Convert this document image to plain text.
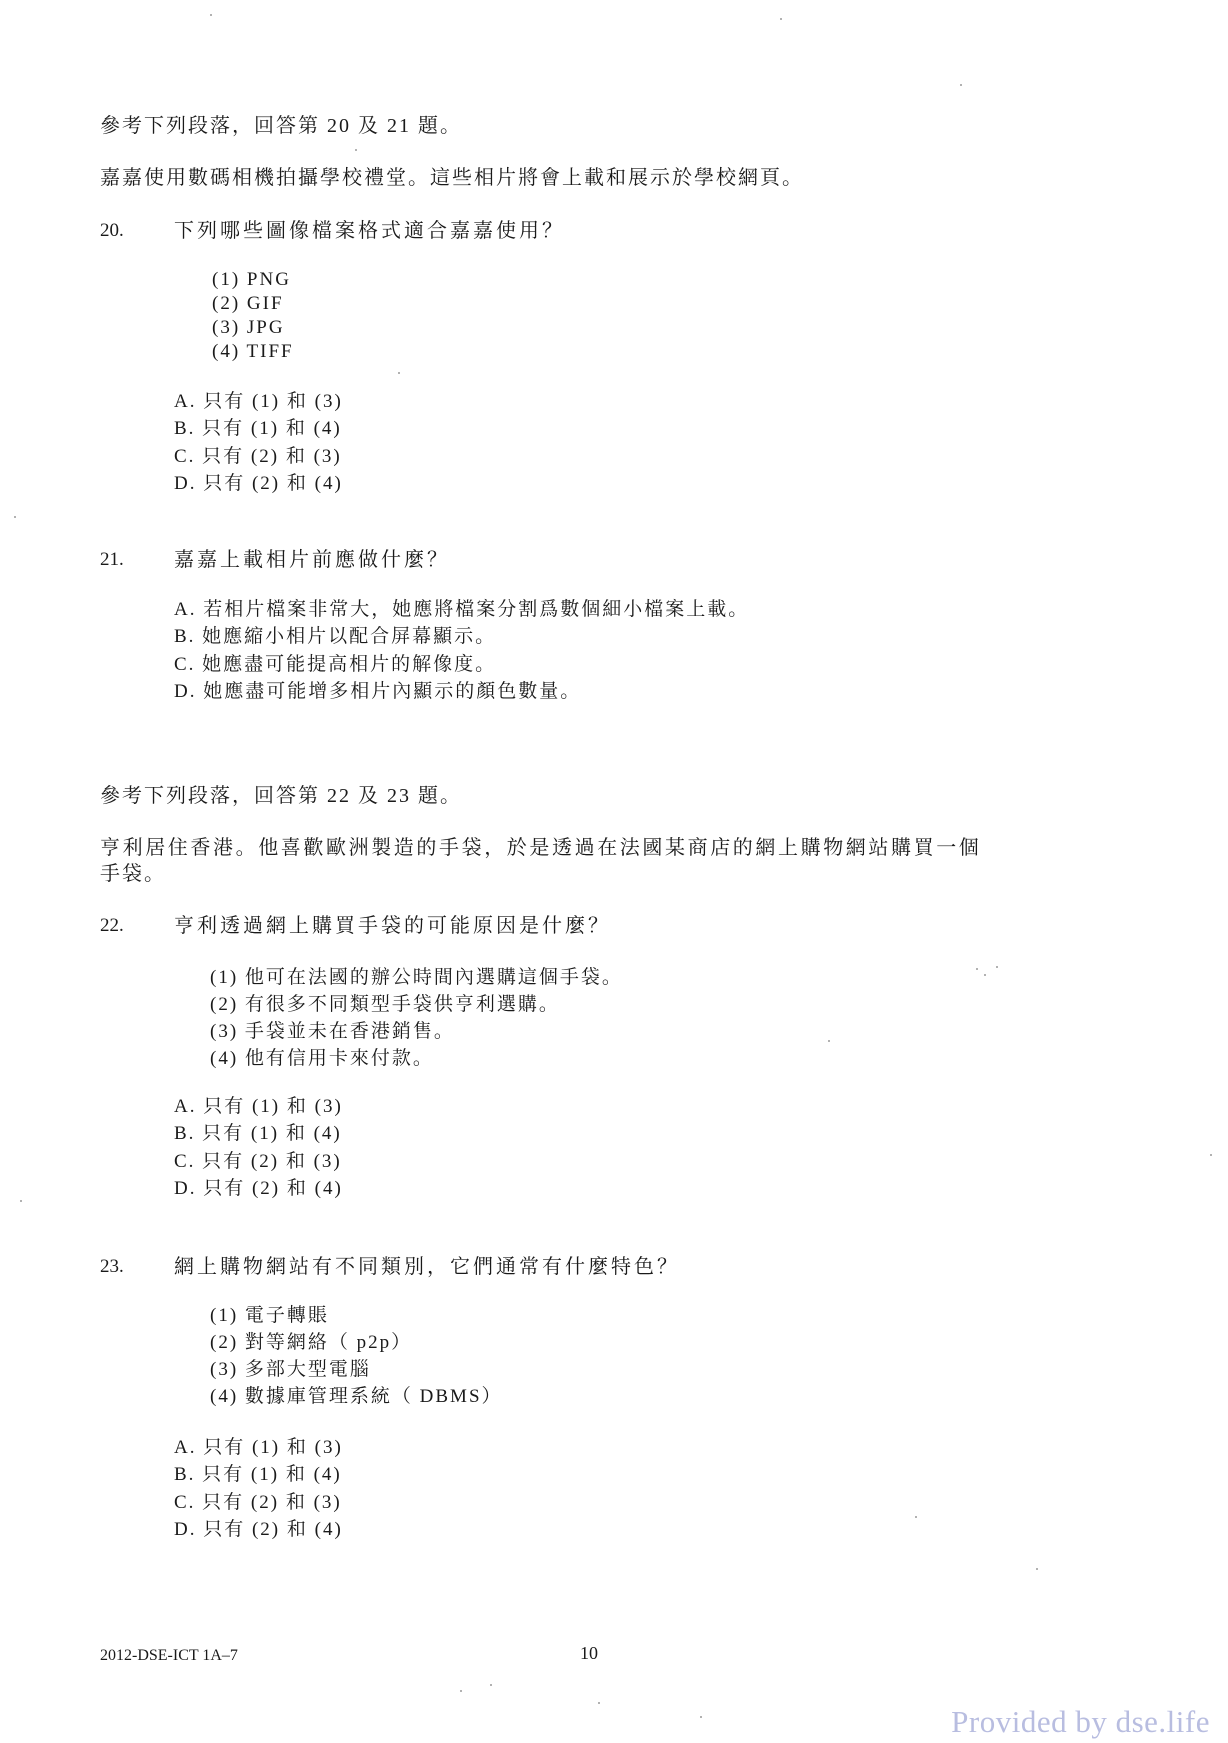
參考下列段落，回答第 20 及 21 題。
嘉嘉使用數碼相機拍攝學校禮堂。這些相片將會上載和展示於學校網頁。
20.	下列哪些圖像檔案格式適合嘉嘉使用？
(1) PNG
(2) GIF
(3) JPG
(4) TIFF
A. 只有 (1) 和 (3)
B. 只有 (1) 和 (4)
C. 只有 (2) 和 (3)
D. 只有 (2) 和 (4)
21.	嘉嘉上載相片前應做什麼？
A. 若相片檔案非常大，她應將檔案分割爲數個細小檔案上載。
B. 她應縮小相片以配合屏幕顯示。
C. 她應盡可能提高相片的解像度。
D. 她應盡可能增多相片內顯示的顏色數量。
參考下列段落，回答第 22 及 23 題。
亨利居住香港。他喜歡歐洲製造的手袋，於是透過在法國某商店的網上購物網站購買一個
手袋。
22.	亨利透過網上購買手袋的可能原因是什麼？
(1) 他可在法國的辦公時間內選購這個手袋。
(2) 有很多不同類型手袋供亨利選購。
(3) 手袋並未在香港銷售。
(4) 他有信用卡來付款。
A. 只有 (1) 和 (3)
B. 只有 (1) 和 (4)
C. 只有 (2) 和 (3)
D. 只有 (2) 和 (4)
23.	網上購物網站有不同類別，它們通常有什麼特色？
(1) 電子轉賬
(2) 對等網絡（ p2p）
(3) 多部大型電腦
(4) 數據庫管理系統（ DBMS）
A. 只有 (1) 和 (3)
B. 只有 (1) 和 (4)
C. 只有 (2) 和 (3)
D. 只有 (2) 和 (4)
2012-DSE-ICT 1A–7	10
Provided by dse.life
